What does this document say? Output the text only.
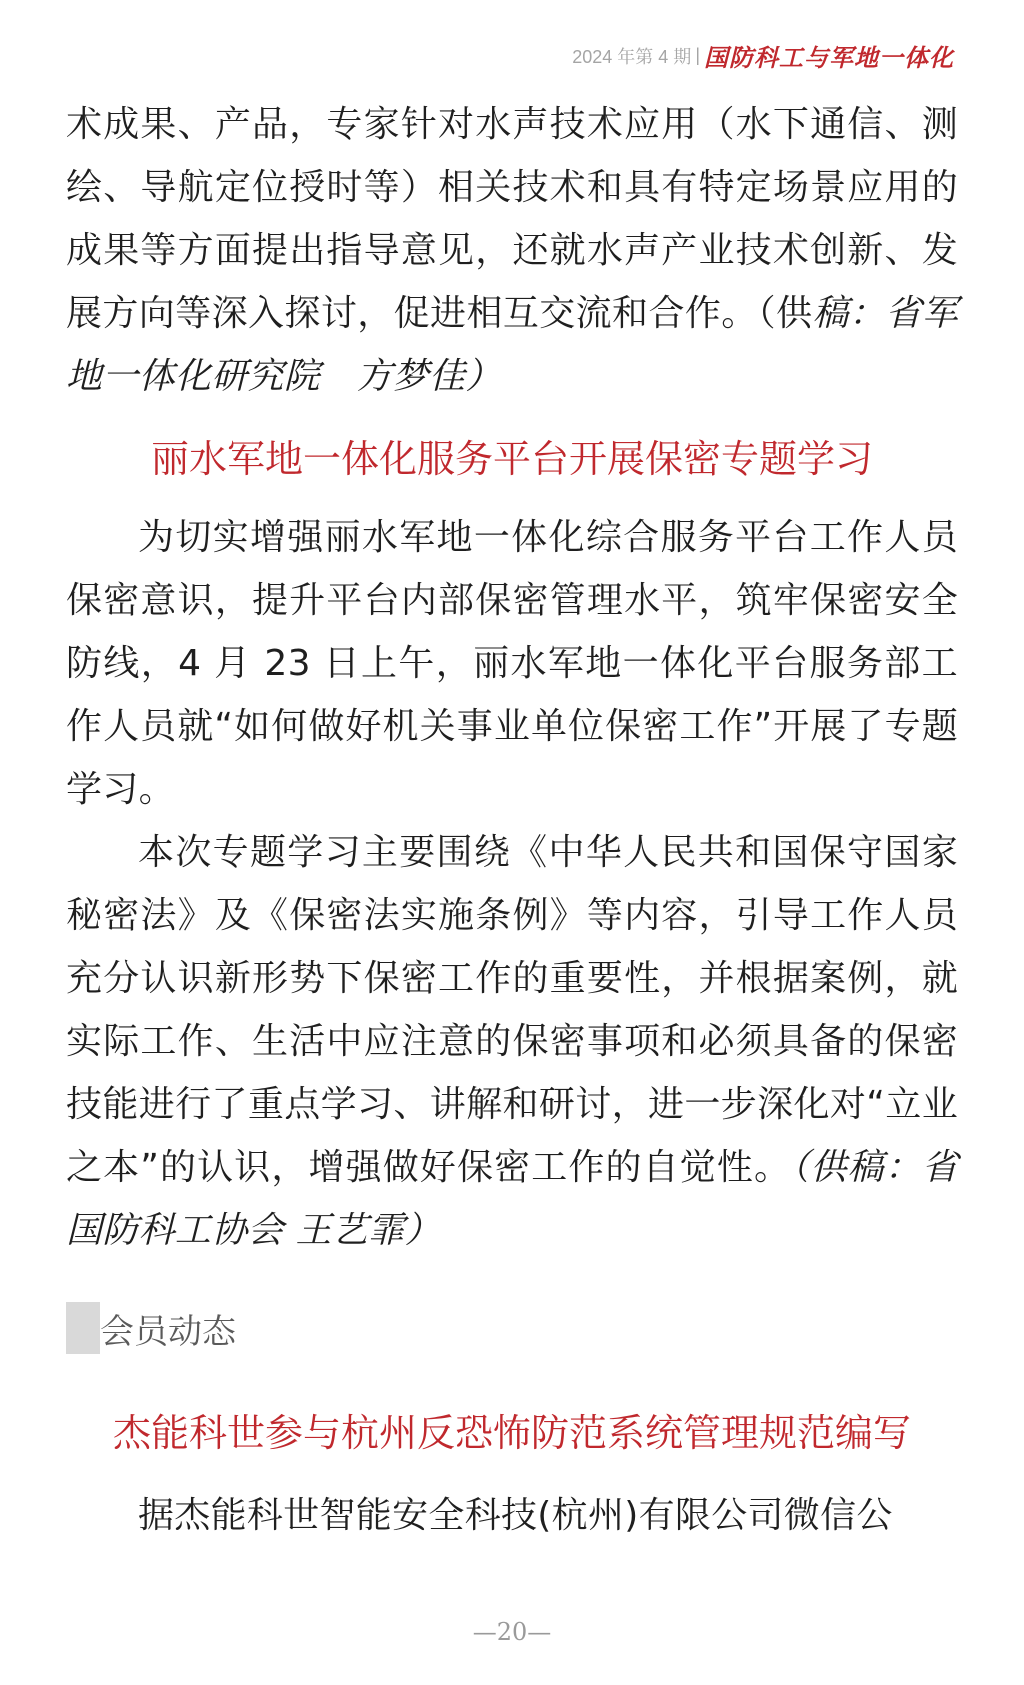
2024 年第 4 期 | 国防科工与军地一体化

术成果、产品，专家针对水声技术应用（水下通信、测绘、导航定位授时等）相关技术和具有特定场景应用的成果等方面提出指导意见，还就水声产业技术创新、发展方向等深入探讨，促进相互交流和合作。（供稿：省军地一体化研究院　方梦佳）

丽水军地一体化服务平台开展保密专题学习

为切实增强丽水军地一体化综合服务平台工作人员保密意识，提升平台内部保密管理水平，筑牢保密安全防线，4 月 23 日上午，丽水军地一体化平台服务部工作人员就“如何做好机关事业单位保密工作”开展了专题学习。

本次专题学习主要围绕《中华人民共和国保守国家秘密法》及《保密法实施条例》等内容，引导工作人员充分认识新形势下保密工作的重要性，并根据案例，就实际工作、生活中应注意的保密事项和必须具备的保密技能进行了重点学习、讲解和研讨，进一步深化对“立业之本”的认识，增强做好保密工作的自觉性。（供稿：省国防科工协会 王艺霏）

会员动态
杰能科世参与杭州反恐怖防范系统管理规范编写

据杰能科世智能安全科技(杭州)有限公司微信公

—20—
